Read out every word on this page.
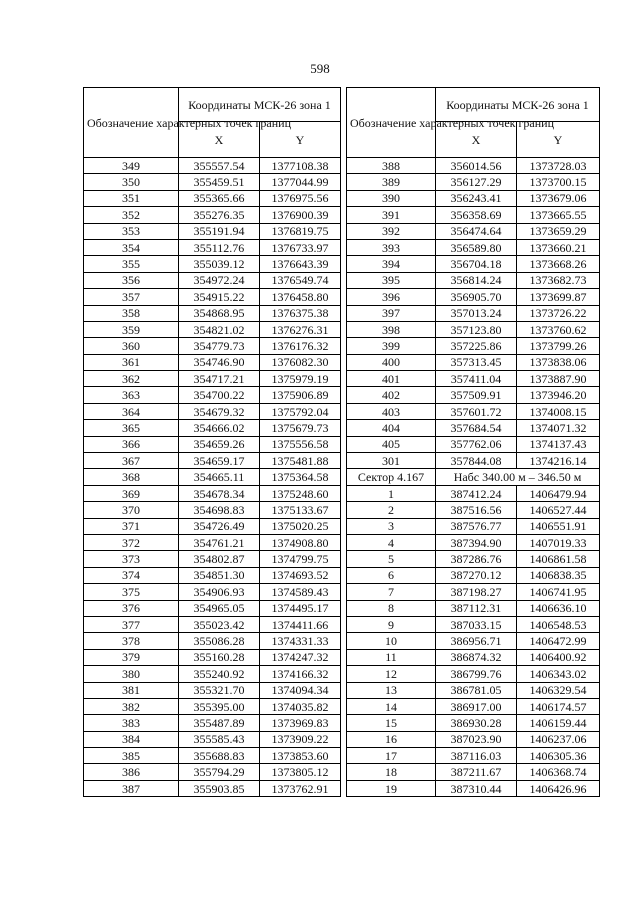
598
Обозначение характерных точек границ	Координаты МСК-26 зона 1	
	X	Y
349	355557.54	1377108.38
350	355459.51	1377044.99
351	355365.66	1376975.56
352	355276.35	1376900.39
353	355191.94	1376819.75
354	355112.76	1376733.97
355	355039.12	1376643.39
356	354972.24	1376549.74
357	354915.22	1376458.80
358	354868.95	1376375.38
359	354821.02	1376276.31
360	354779.73	1376176.32
361	354746.90	1376082.30
362	354717.21	1375979.19
363	354700.22	1375906.89
364	354679.32	1375792.04
365	354666.02	1375679.73
366	354659.26	1375556.58
367	354659.17	1375481.88
368	354665.11	1375364.58
369	354678.34	1375248.60
370	354698.83	1375133.67
371	354726.49	1375020.25
372	354761.21	1374908.80
373	354802.87	1374799.75
374	354851.30	1374693.52
375	354906.93	1374589.43
376	354965.05	1374495.17
377	355023.42	1374411.66
378	355086.28	1374331.33
379	355160.28	1374247.32
380	355240.92	1374166.32
381	355321.70	1374094.34
382	355395.00	1374035.82
383	355487.89	1373969.83
384	355585.43	1373909.22
385	355688.83	1373853.60
386	355794.29	1373805.12
387	355903.85	1373762.91
Обозначение характерных точек границ	Координаты МСК-26 зона 1	
	X	Y
388	356014.56	1373728.03
389	356127.29	1373700.15
390	356243.41	1373679.06
391	356358.69	1373665.55
392	356474.64	1373659.29
393	356589.80	1373660.21
394	356704.18	1373668.26
395	356814.24	1373682.73
396	356905.70	1373699.87
397	357013.24	1373726.22
398	357123.80	1373760.62
399	357225.86	1373799.26
400	357313.45	1373838.06
401	357411.04	1373887.90
402	357509.91	1373946.20
403	357601.72	1374008.15
404	357684.54	1374071.32
405	357762.06	1374137.43
301	357844.08	1374216.14
Сектор 4.167	Набс 340.00 м – 346.50 м	
1	387412.24	1406479.94
2	387516.56	1406527.44
3	387576.77	1406551.91
4	387394.90	1407019.33
5	387286.76	1406861.58
6	387270.12	1406838.35
7	387198.27	1406741.95
8	387112.31	1406636.10
9	387033.15	1406548.53
10	386956.71	1406472.99
11	386874.32	1406400.92
12	386799.76	1406343.02
13	386781.05	1406329.54
14	386917.00	1406174.57
15	386930.28	1406159.44
16	387023.90	1406237.06
17	387116.03	1406305.36
18	387211.67	1406368.74
19	387310.44	1406426.96
